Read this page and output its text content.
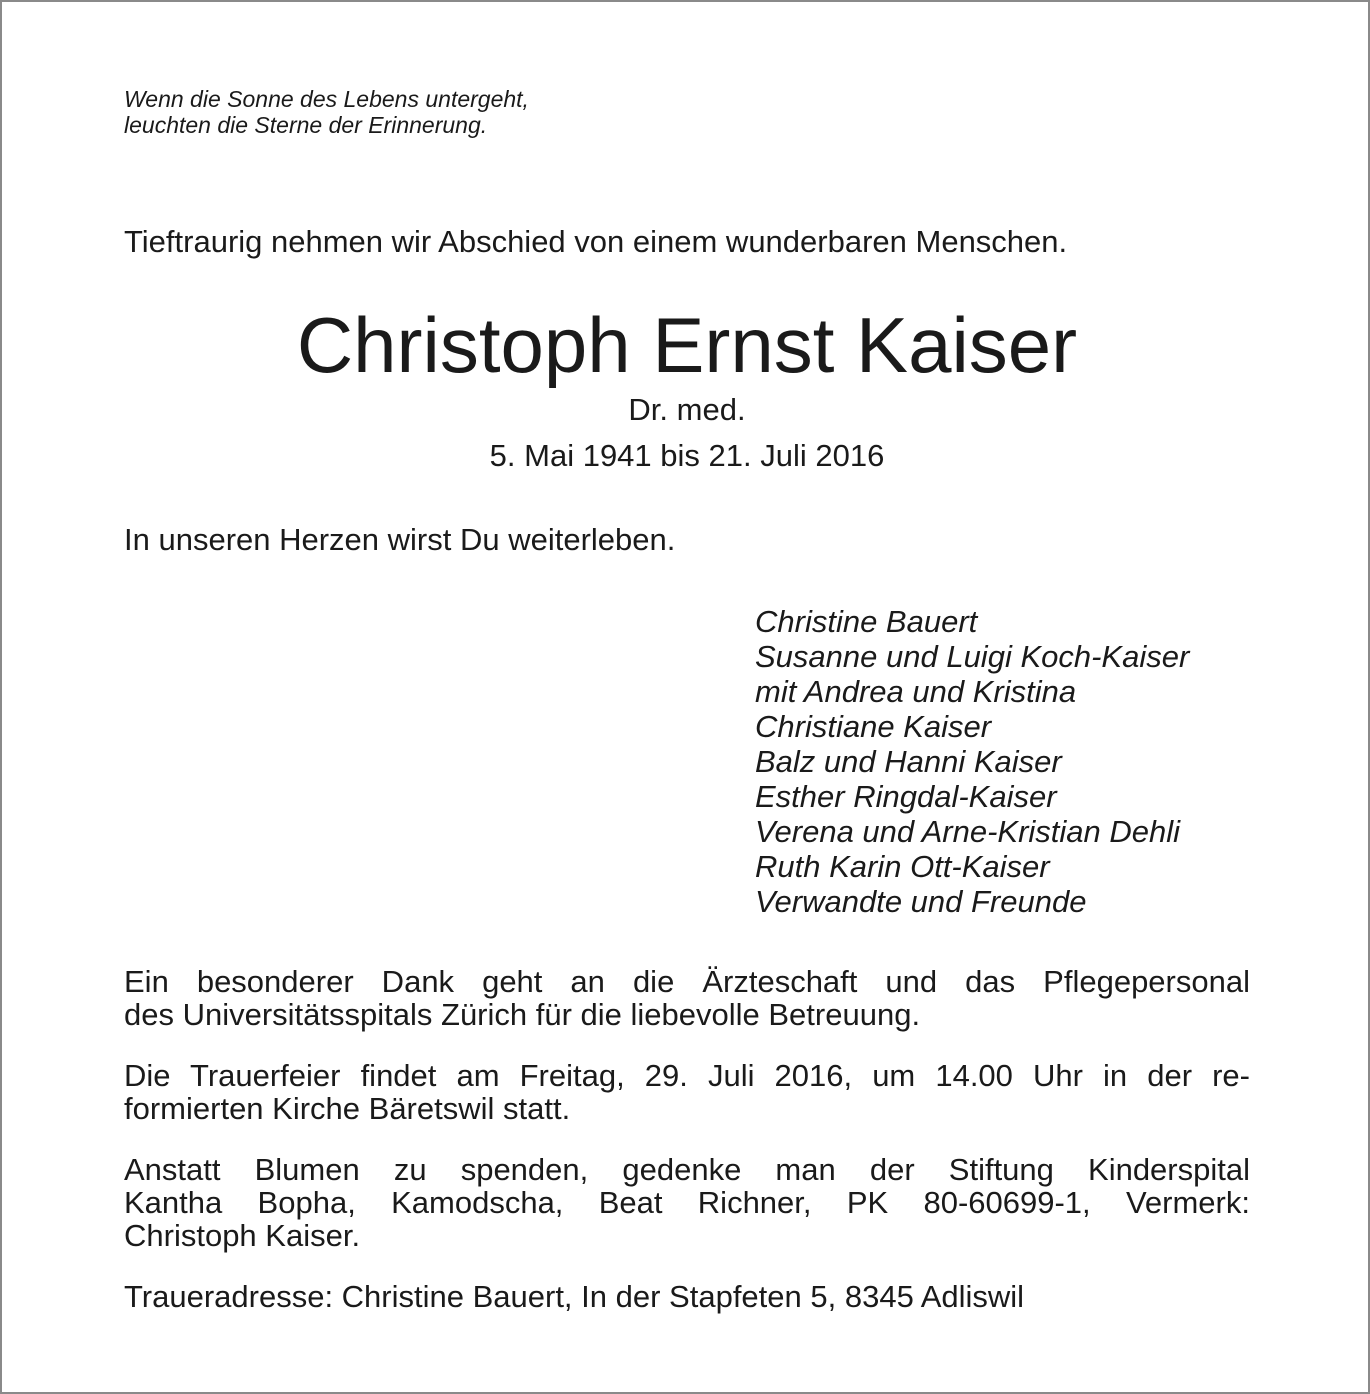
Wenn die Sonne des Lebens untergeht,
leuchten die Sterne der Erinnerung.
Tieftraurig nehmen wir Abschied von einem wunderbaren Menschen.
Christoph Ernst Kaiser
Dr. med.
5. Mai 1941 bis 21. Juli 2016
In unseren Herzen wirst Du weiterleben.
Christine Bauert
Susanne und Luigi Koch-Kaiser
mit Andrea und Kristina
Christiane Kaiser
Balz und Hanni Kaiser
Esther Ringdal-Kaiser
Verena und Arne-Kristian Dehli
Ruth Karin Ott-Kaiser
Verwandte und Freunde
Ein besonderer Dank geht an die Ärzteschaft und das Pflegepersonal
des Universitätsspitals Zürich für die liebevolle Betreuung.
Die Trauerfeier findet am Freitag, 29. Juli 2016, um 14.00 Uhr in der re-
formierten Kirche Bäretswil statt.
Anstatt Blumen zu spenden, gedenke man der Stiftung Kinderspital
Kantha Bopha, Kamodscha, Beat Richner, PK 80-60699-1, Vermerk:
Christoph Kaiser.
Traueradresse: Christine Bauert, In der Stapfeten 5, 8345 Adliswil
